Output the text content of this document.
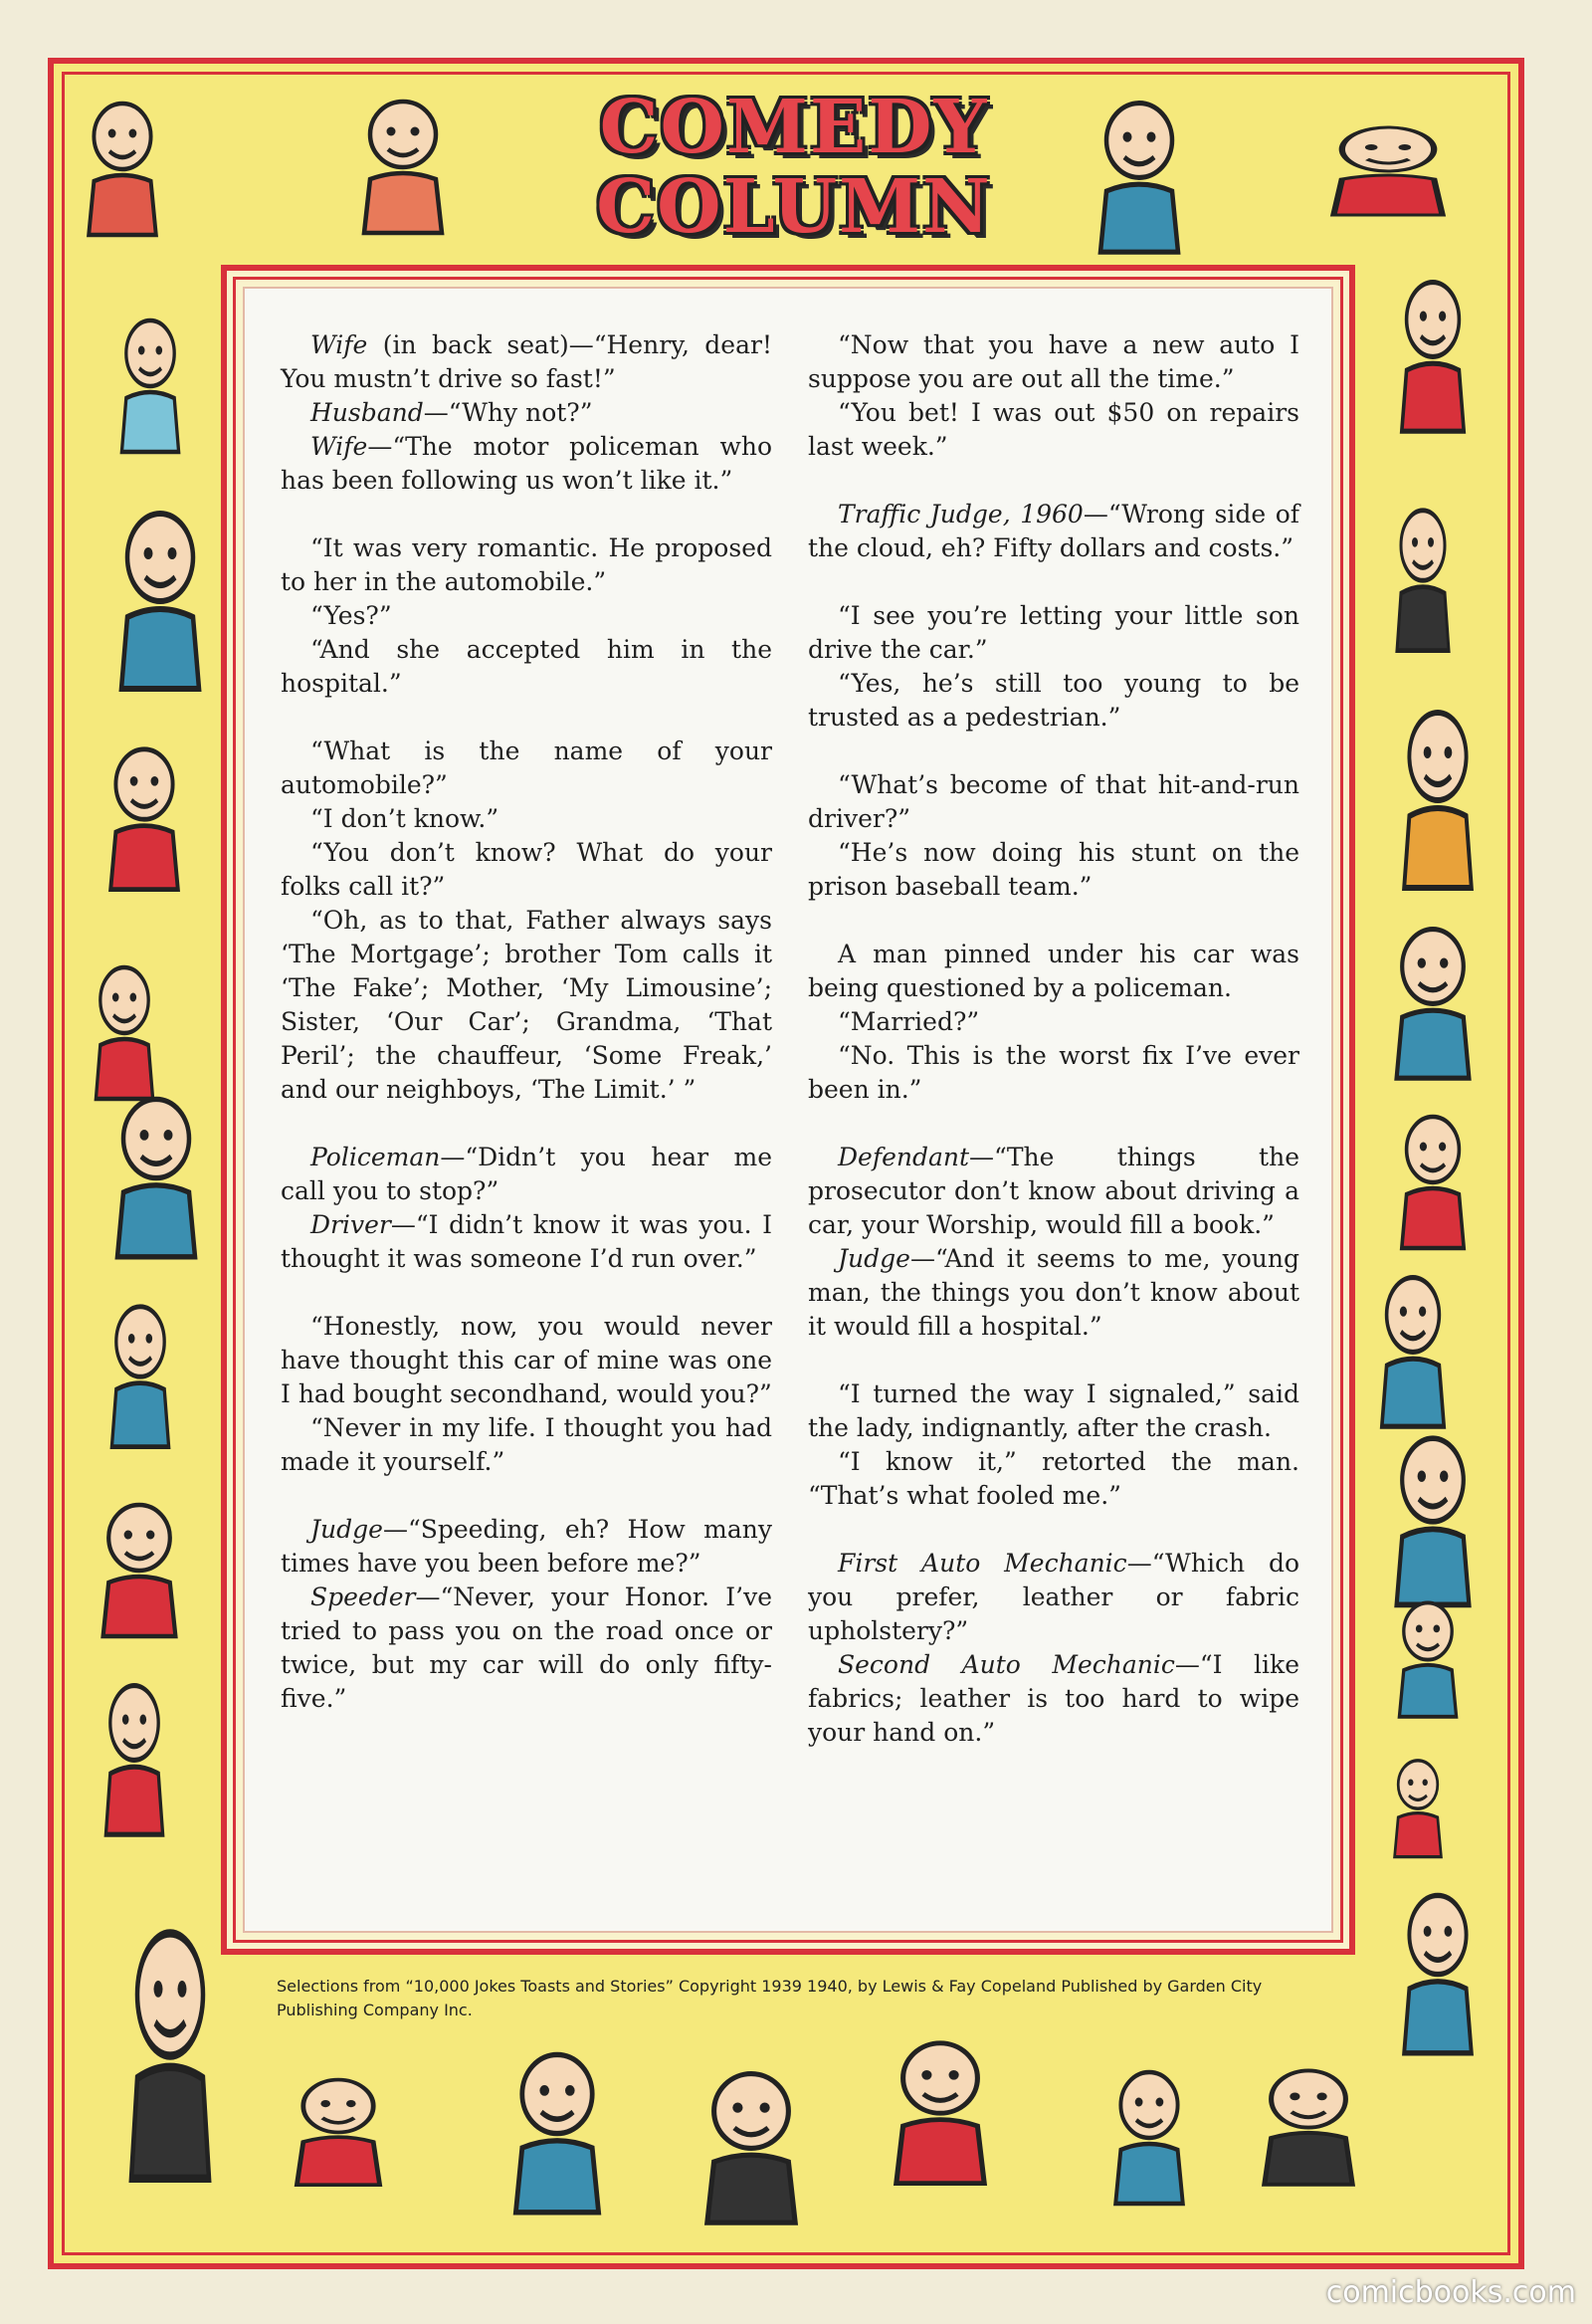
COMEDY
COLUMN

Wife (in back seat)—“Henry, dear! You mustn’t drive so fast!”

Husband—“Why not?”

Wife—“The motor policeman who has been following us won’t like it.”

“It was very romantic. He proposed to her in the automobile.”

“Yes?”

“And she accepted him in the hospital.”

“What is the name of your automobile?”

“I don’t know.”

“You don’t know? What do your folks call it?”

“Oh, as to that, Father always says ‘The Mortgage’; brother Tom calls it ‘The Fake’; Mother, ‘My Limousine’; Sister, ‘Our Car’; Grandma, ‘That Peril’; the chauffeur, ‘Some Freak,’ and our neighboys, ‘The Limit.’ ”

Policeman—“Didn’t you hear me call you to stop?”

Driver—“I didn’t know it was you. I thought it was someone I’d run over.”

“Honestly, now, you would never have thought this car of mine was one I had bought secondhand, would you?”

“Never in my life. I thought you had made it yourself.”

Judge—“Speeding, eh? How many times have you been before me?”

Speeder—“Never, your Honor. I’ve tried to pass you on the road once or twice, but my car will do only fifty-five.”

“Now that you have a new auto I suppose you are out all the time.”

“You bet! I was out $50 on repairs last week.”

Traffic Judge, 1960—“Wrong side of the cloud, eh? Fifty dollars and costs.”

“I see you’re letting your little son drive the car.”

“Yes, he’s still too young to be trusted as a pedestrian.”

“What’s become of that hit-and-run driver?”

“He’s now doing his stunt on the prison baseball team.”

A man pinned under his car was being questioned by a policeman.

“Married?”

“No. This is the worst fix I’ve ever been in.”

Defendant—“The things the prosecutor don’t know about driving a car, your Worship, would fill a book.”

Judge—“And it seems to me, young man, the things you don’t know about it would fill a hospital.”

“I turned the way I signaled,” said the lady, indignantly, after the crash.

“I know it,” retorted the man. “That’s what fooled me.”

First Auto Mechanic—“Which do you prefer, leather or fabric upholstery?”

Second Auto Mechanic—“I like fabrics; leather is too hard to wipe your hand on.”

Selections from “10,000 Jokes Toasts and Stories” Copyright 1939 1940, by Lewis & Fay Copeland Published by Garden City Publishing Company Inc.
comicbooks.com
